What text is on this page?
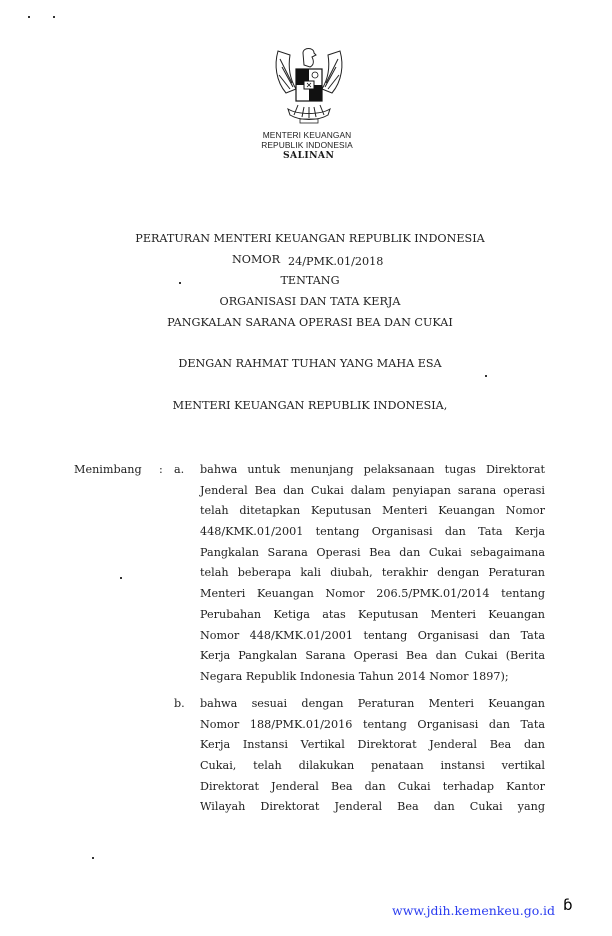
MENTERI KEUANGAN
REPUBLIK INDONESIA
SALINAN
PERATURAN MENTERI KEUANGAN REPUBLIK INDONESIA
NOMOR 24/PMK.01/2018
TENTANG
ORGANISASI DAN TATA KERJA
PANGKALAN SARANA OPERASI BEA DAN CUKAI
DENGAN RAHMAT TUHAN YANG MAHA ESA
MENTERI KEUANGAN REPUBLIK INDONESIA,
Menimbang : a. bahwa untuk menunjang pelaksanaan tugas Direktorat
Jenderal Bea dan Cukai dalam penyiapan sarana operasi
telah ditetapkan Keputusan Menteri Keuangan Nomor
448/KMK.01/2001 tentang Organisasi dan Tata Kerja
Pangkalan Sarana Operasi Bea dan Cukai sebagaimana
telah beberapa kali diubah, terakhir dengan Peraturan
Menteri Keuangan Nomor 206.5/PMK.01/2014 tentang
Perubahan Ketiga atas Keputusan Menteri Keuangan
Nomor 448/KMK.01/2001 tentang Organisasi dan Tata
Kerja Pangkalan Sarana Operasi Bea dan Cukai (Berita
Negara Republik Indonesia Tahun 2014 Nomor 1897);
b. bahwa sesuai dengan Peraturan Menteri Keuangan
Nomor 188/PMK.01/2016 tentang Organisasi dan Tata
Kerja Instansi Vertikal Direktorat Jenderal Bea dan
Cukai, telah dilakukan penataan instansi vertikal
Direktorat Jenderal Bea dan Cukai terhadap Kantor
Wilayah Direktorat Jenderal Bea dan Cukai yang
www.jdih.kemenkeu.go.id ɓ
